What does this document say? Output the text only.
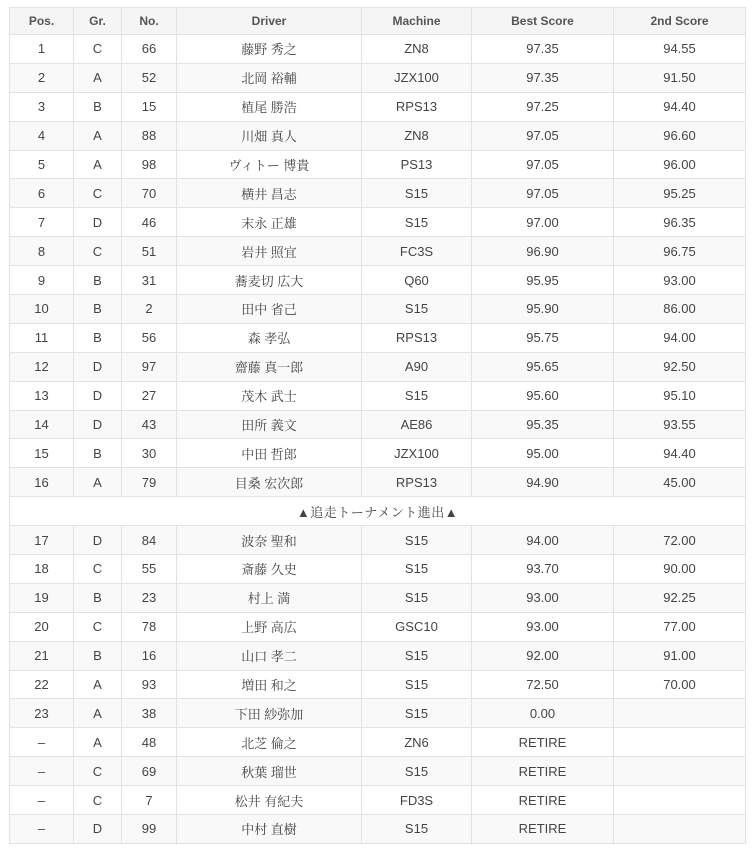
Pos.	Gr.	No.	Driver	Machine	Best Score	2nd Score
1	C	66	藤野 秀之	ZN8	97.35	94.55
2	A	52	北岡 裕輔	JZX100	97.35	91.50
3	B	15	植尾 勝浩	RPS13	97.25	94.40
4	A	88	川畑 真人	ZN8	97.05	96.60
5	A	98	ヴィトー 博貴	PS13	97.05	96.00
6	C	70	横井 昌志	S15	97.05	95.25
7	D	46	末永 正雄	S15	97.00	96.35
8	C	51	岩井 照宜	FC3S	96.90	96.75
9	B	31	蕎麦切 広大	Q60	95.95	93.00
10	B	2	田中 省己	S15	95.90	86.00
11	B	56	森 孝弘	RPS13	95.75	94.00
12	D	97	齋藤 真一郎	A90	95.65	92.50
13	D	27	茂木 武士	S15	95.60	95.10
14	D	43	田所 義文	AE86	95.35	93.55
15	B	30	中田 哲郎	JZX100	95.00	94.40
16	A	79	目桑 宏次郎	RPS13	94.90	45.00
▲追走トーナメント進出▲						
17	D	84	波奈 聖和	S15	94.00	72.00
18	C	55	斎藤 久史	S15	93.70	90.00
19	B	23	村上 満	S15	93.00	92.25
20	C	78	上野 高広	GSC10	93.00	77.00
21	B	16	山口 孝二	S15	92.00	91.00
22	A	93	増田 和之	S15	72.50	70.00
23	A	38	下田 紗弥加	S15	0.00	
–	A	48	北芝 倫之	ZN6	RETIRE	
–	C	69	秋葉 瑠世	S15	RETIRE	
–	C	7	松井 有紀夫	FD3S	RETIRE	
–	D	99	中村 直樹	S15	RETIRE	
